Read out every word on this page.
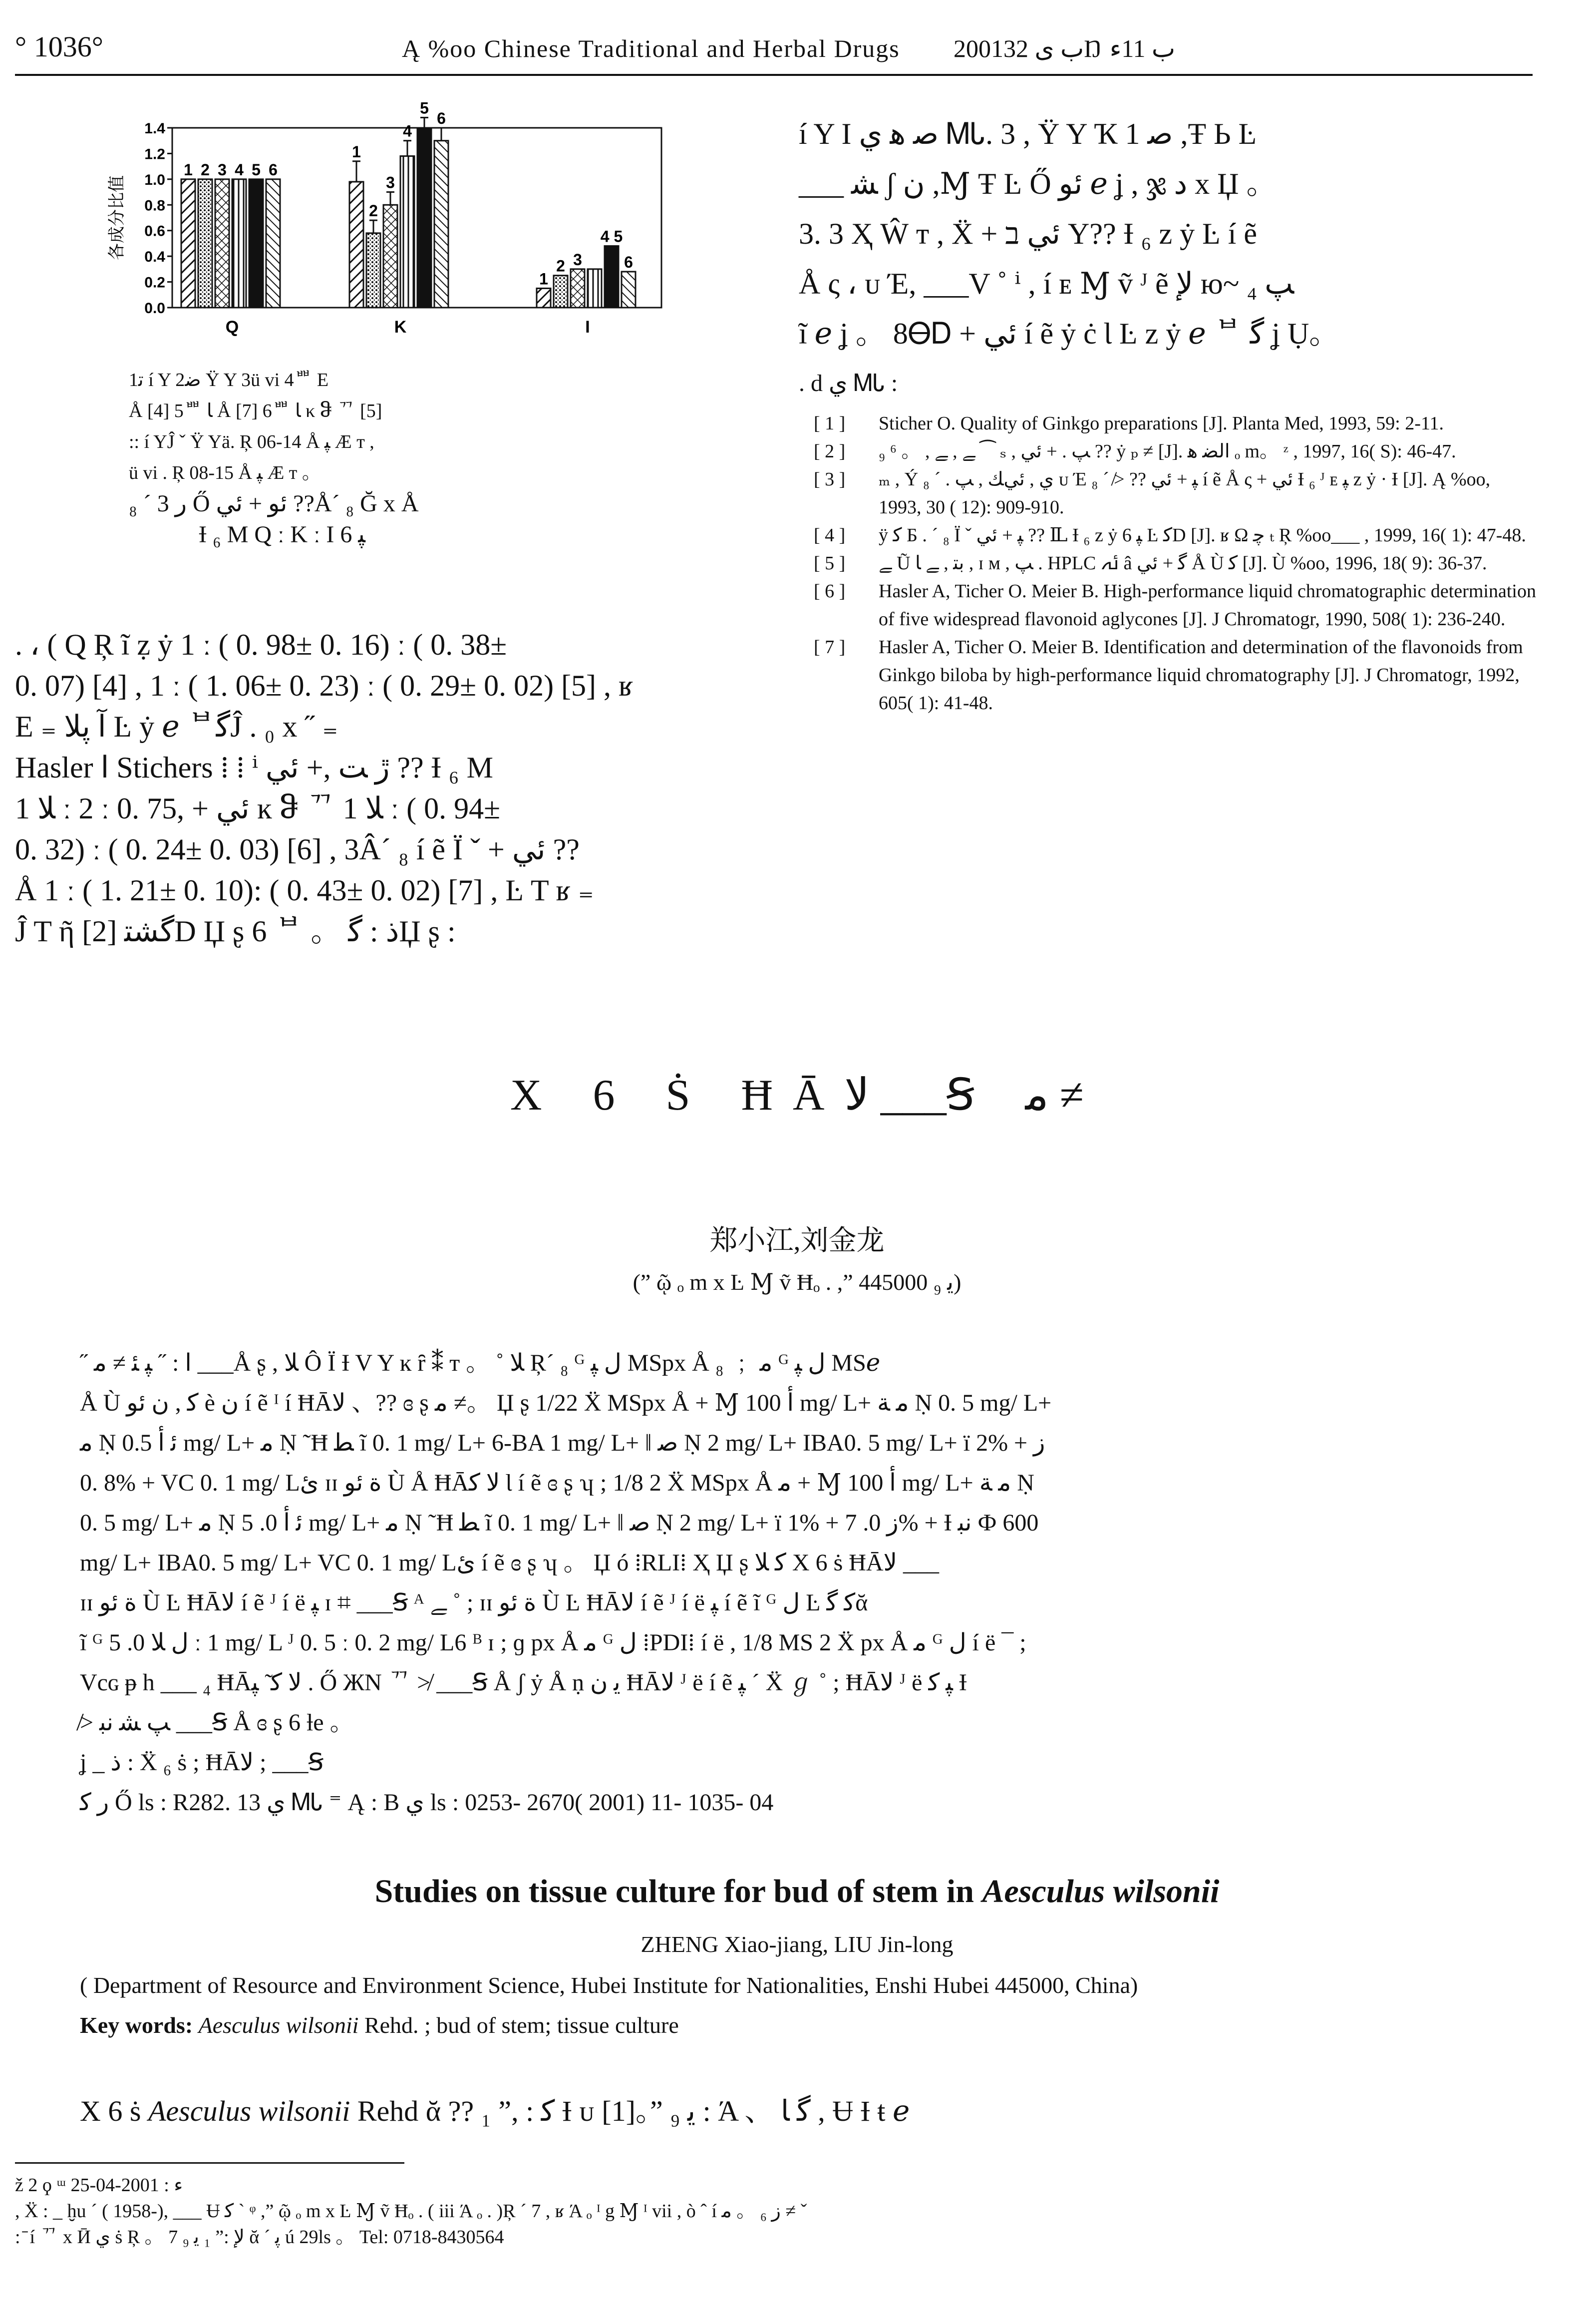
° 1036°	Ą %oo Chinese Traditional and Herbal Drugs 2001ب ى 32Ŋ ب 11ﺀ
各成分比值
1.4
1.2
1.0
0.8
0.6
0.4
0.2
0.0
1 2 3 4 5 6
Q
1
2
3
4
5
6
K
1
2 3
4 5
6
I
1ﺗ í Y 2ﺿ Ϋ Y 3ü vi 4ᄈ E
Å [4] 5ᄈ ﺎ Å [7] 6ᄈ ﺎ κ ჵ ᄁ [5]
:: í YĴ ˇ Ϋ Yä. Ŗ 06-14 Å ﭙ Æ т ,
ü vi . Ŗ 08-15 Å ﭙ Æ т 。
ﺭ 3 ´ ₈ Ő ئو + ئي ??Å´ ₈ Ğ x Å
Ɨ ₆ M Q ː K ː I ﭙ 6
. ، ( Q Ŗ ĩ ẓ ẏ 1 ː ( 0. 98± 0. 16) ː ( 0. 38±
0. 07) [4] , 1 ː ( 1. 06± 0. 23) ː ( 0. 29± 0. 02) [5] , ʁ
E ₌ ﺁ ﭘﻼ Ŀ ẏ ℯ ᄇﮔĴ . ₀ x ˝ ₌
Hasler ﺍ Stichers ⁞ ⁞ ⁱ ڙ ﺖ ,+ ئي ?? Ɨ ₆ M
ﻼ 1 ː 2 ː 0. 75, + ئي ĸ ჵ ᄁ ﻼ 1 ː ( 0. 94±
0. 32) ː ( 0. 24± 0. 03) [6] , 3Â´ ₈ í ẽ Ï ˇ + ئي ??
Å 1 ː ( 1. 21± 0. 10): ( 0. 43± 0. 02) [7] , Ŀ T ʁ ₌
Ĵ T ῆ [2] ﮔﺸﺘD Џ ʂ 6 ᄇ 。 ﺫ : ﮔЏ ʂ :
í Y I ﺻ ﻫ ي ᎷᏓ. 3 , Ϋ Y Ҡ ﺻ 1 ,Ŧ Ь Ŀ
___ ﺸ ʃ ﻥ ,Ɱ Ŧ Ŀ Ő ئو ℯ ʝ , ჯ ﺩ x Џ 。
3. 3 Ҳ Ŵ т , Ẍ + ئي ב Y?? Ɨ ₆ z ẏ Ŀ í ẽ
Å ς ، ᴜ Έ, ___V ˚ ⁱ , í ᴇ Ɱ ṽ ᴶ ẽ ﻹ ю~ ﭗ ₄
ĩ ℯ ʝ 。 8ᎾᎠ + ئي í ẽ ẏ ċ Ɩ Ŀ z ẏ ℯ ᄇ ﮔ ʝ Ụ。
. d ي ᎷᏓ :
[ 1 ]	Sticher O. Quality of Ginkgo preparations [J]. Planta Med, 1993, 59: 2-11.
[ 2 ]	₉ ⁶ 。 , ﮯ , ﮯ ⁀ ₛ , ﭗ . + ئي ?? ẏ ₚ ≠ [J]. ﺍﻟﻀ ﻫ ₒ m。 ᶻ , 1997, 16( S): 46-47.
[ 3 ]	ₘ , Ý ي , ئيﻚ , ﭗ . ´ ₈ ᴜ Έ ﭙ + ئي ?? ≯ ´ ₈ í ẽ Å ς + ئي Ɨ ₆ ᴶ ᴇ ﭙ z ẏ · Ɨ [J]. Ą %oo, 1993, 30 ( 12): 909-910.
[ 4 ]	ÿ ﮐ Б . ´ ₈ Ï ˇ ﭙ + ئي ?? Ỻ Ɨ ₆ z ẏ ﭙ 6 Ŀ ﮐD [J]. ʁ Ω ﭼ ₜ Ŗ %oo___ , 1999, 16( 1): 47-48.
[ 5 ]	ﮯ Ũ ﺑﺘ , ﮯ ﺎ , ɪ ᴍ , ﭗ . HPLC ﯬ â ﮔ + ئي Å Ù ﮐ [J]. Ù %oo, 1996, 18( 9): 36-37.
[ 6 ]	Hasler A, Ticher O. Meier B. High-performance liquid chromatographic determination of five widespread flavonoid aglycones [J]. J Chromatogr, 1990, 508( 1): 236-240.
[ 7 ]	Hasler A, Ticher O. Meier B. Identification and determination of the flavonoids from Ginkgo biloba by high-performance liquid chromatography [J]. J Chromatogr, 1992, 605( 1): 41-48.
X 6 Ṡ ĦĀﻻ ___Ꞩ ﻣ ≠
郑小江,刘金龙
(” ῷ ₒ m x Ŀ Ɱ ṽ Ħₒ . ,” ﯾ ₉ 445000)
˝ ﺍ : ˝ ﭙ ﺌ ≠ ﻣ ___Å ʂ , ﻼ Ô Ï Ɨ V Y ĸ ȓ ⁑ т 。 ˚ ﻼ Ŗ´ ₈ ᴳ ﻝ ﭙ MSpx Å ﻣ ﹔ ₈ ᴳ ﻝ ﭙ MSℯ
Å Ù ﮐ , ﻥ ئو è ﻥ í ẽ ᴵ í ĦĀﻻ 、?? ɞ ʂ ﻣ ≠。 Џ ʂ 1/22 Ẍ MSpx Å + Ɱ ﺃ 100 mg/ L+ ﻣ ﺔ Ṇ 0. 5 mg/ L+
ﻣ Ṇ ﺋ ﺃ 0.5 mg/ L+ ﻣ Ṇ ˜Ħ ﻄ ĩ 0. 1 mg/ L+ 6-BA 1 mg/ L+ ǁ ﺻ Ṇ 2 mg/ L+ IBA0. 5 mg/ L+ ï 2% + ﺯ
0. 8% + VC 0. 1 mg/ Lئ ɪɪ ﺓ ئو Ù Å ĦĀﻻ ﮐ Ɩ í ẽ ɞ ʂ ʮ ; 1/8 2 Ẍ MSpx Å ﻣ + Ɱ ﺃ 100 mg/ L+ ﻣ ﺔ Ṇ
0. 5 mg/ L+ ﻣ Ṇ ﺋ ﺃ 0. 5 mg/ L+ ﻣ Ṇ ˜Ħ ﻄ ĩ 0. 1 mg/ L+ ǁ ﺻ Ṇ 2 mg/ L+ ï 1% + ﺯ 0. 7% + Ɨ ﻧﺒ Ф 600
mg/ L+ IBA0. 5 mg/ L+ VC 0. 1 mg/ Lئ í ẽ ɞ ʂ ʮ 。 Џ ó ⁞RLI⁞ Ҳ Џ ʂ ﮐ ﻼ X 6 ṡ ĦĀﻻ ___
ɪɪ ﺓ ئو Ù Ŀ ĦĀﻻ í ẽ ᴶ í ë ﭙ ɪ ⌗ ___Ꞩ ᴬ ﮯ ˚ ; ɪɪ ﺓ ئو Ù Ŀ ĦĀﻻ í ẽ ᴶ í ë ﭙ í ẽ ĩ ᴳ ﻝ Ŀ ﮐ ﮔᾰ
ĩ ᴳ ﻝ ﻼ 0. 5 ː 1 mg/ L ᴶ 0. 5 ː 0. 2 mg/ L6 ᴮ ɪ ; ɡ px Å ﻣ ᴳ ﻝ ⁞PDI⁞ í ë , 1/8 MS 2 Ẍ px Å ﻣ ᴳ ﻝ í ë ¯ ;
Vcɢ ᵽ h ___ ₄ ĦĀﻻ ﮐ ̃ ﭙ . Ő ЖN ᄁ ≯ ___Ꞩ Å ʃ ẏ Å ṇ ﯾ ﻥ ĦĀﻻ ᴶ ë í ẽ ﭙ ˊ Ẍ ℊ ˚ ; ĦĀﻻ ᴶ ë ﭙ ﮐ Ɨ
≯ ﭗ ﺸ ﻧﺒ ___Ꞩ Å ɞ ʂ 6 ƚe 。
ʝ _ ﺫ : Ẍ ₆ ṡ ; ĦĀﻻ ; ___Ꞩ
ﺭ ﮐ Ő ls : R282. 13 ي ᎷᏓ ⁼ Ą : B ي ls : 0253- 2670( 2001) 11- 1035- 04
Studies on tissue culture for bud of stem in Aesculus wilsonii
ZHENG Xiao-jiang, LIU Jin-long
( Department of Resource and Environment Science, Hubei Institute for Nationalities, Enshi Hubei 445000, China)
Key words: Aesculus wilsonii Rehd. ; bud of stem; tissue culture
X 6 ṡ Aesculus wilsonii Rehd ᾰ ?? ﮐ : ,” ₁ Ɨ ᴜ [1]。” ﯾ ₉ : Ά 、 ﮔ ﺎ , Ʉ Ɨ ŧ ℯ
ž 2 ϙ ᵚ ﺀ : 2001-04-25
, Ẍ : _ ḫu ´ ( 1958-), ___ Ʉ ﮐ ˋ ᵠ ,” ῷ ₒ m x Ŀ Ɱ ṽ Ħₒ . ( iii Ά ₒ . )Ŗ ´ 7 , ʁ Ά ₒ ᴵ g Ɱ ᴵ vii , ò ˆ í ﺯ ₆ 。 ﻣ ≠ ˇ
: ̄ í ᄁ x Ӣ ي ṡ Ŗ 。 ﻹ :” ₁ ﯾ ₉ 7 ᾰ ´ ﭘ ú 29ls 。 Tel: 0718-8430564
